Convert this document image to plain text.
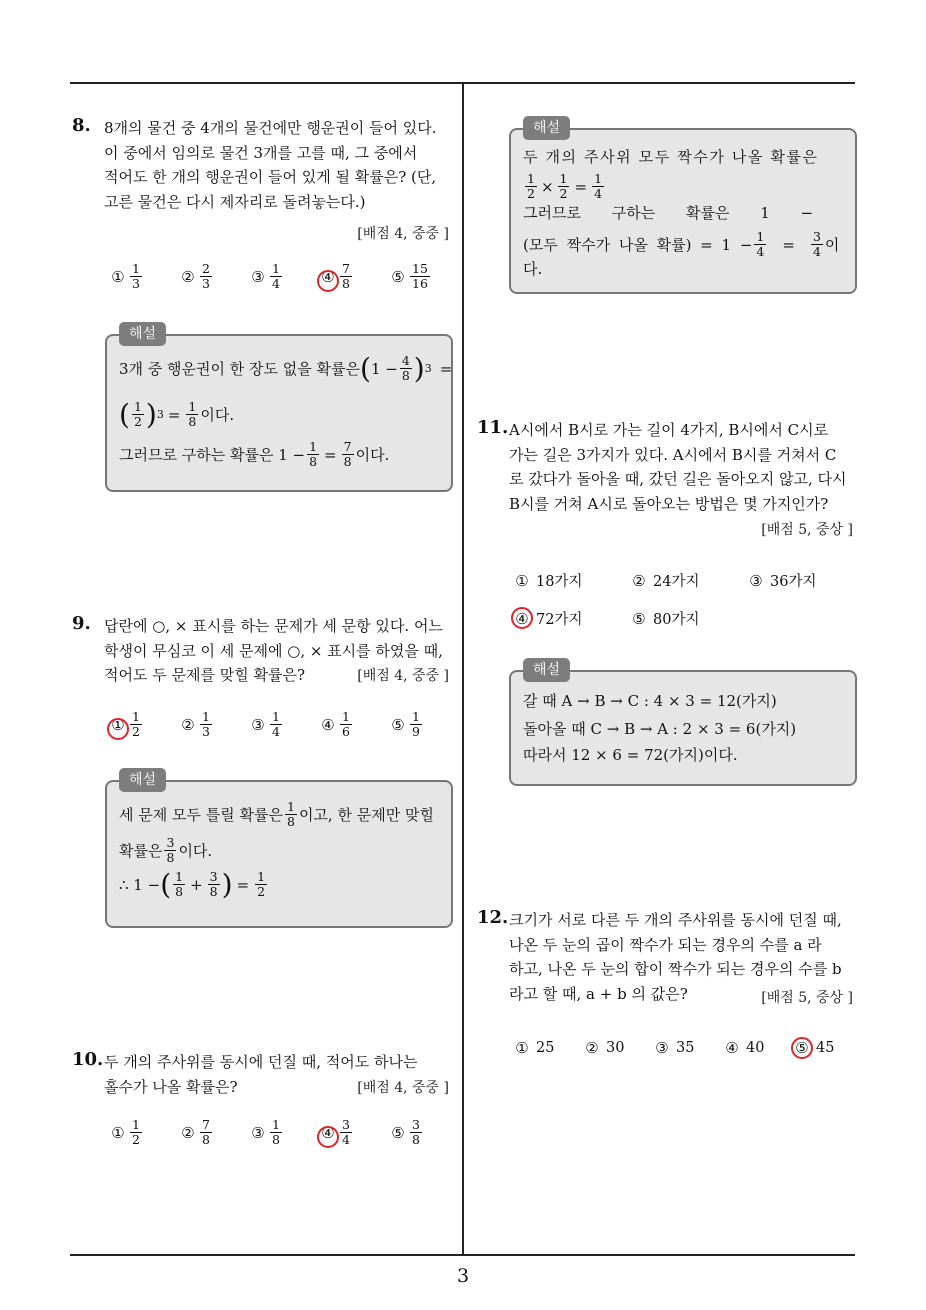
3
8. 8개의 물건 중 4개의 물건에만 행운권이 들어 있다.
이 중에서 임의로 물건 3개를 고를 때, 그 중에서
적어도 한 개의 행운권이 들어 있게 될 확률은? (단,
고른 물건은 다시 제자리로 돌려놓는다.)
[배점 4, 중중 ]
① $\frac{1}{3}$	② $\frac{2}{3}$	③ $\frac{1}{4}$	④ $\frac{7}{8}$	⑤ $\frac{15}{16}$
해설
3개 중 행운권이 한 장도 없을 확률은 ( $1 - \frac{4}{8}$ ) 3 =
( $\frac{1}{2}$ ) $3 = \frac{1}{8}$ 이다.
그러므로 구하는 확률은 $1 - \frac{1}{8} = \frac{7}{8}$ 이다.
9. 답란에 ○, × 표시를 하는 문제가 세 문항 있다. 어느
학생이 무심코 이 세 문제에 ○, × 표시를 하였을 때,
적어도 두 문제를 맞힐 확률은?	[배점 4, 중중 ]
① $\frac{1}{2}$	② $\frac{1}{3}$	③ $\frac{1}{4}$	④ $\frac{1}{6}$	⑤ $\frac{1}{9}$
해설
세 문제 모두 틀릴 확률은 $\frac{1}{8}$ 이고, 한 문제만 맞힐
확률은 $\frac{3}{8}$ 이다.
∴ 1 − ( $\frac{1}{8} + \frac{3}{8}$ ) = $\frac{1}{2}$
10. 두 개의 주사위를 동시에 던질 때, 적어도 하나는
홀수가 나올 확률은?	[배점 4, 중중 ]
① $\frac{1}{2}$	② $\frac{7}{8}$	③ $\frac{1}{8}$	④ $\frac{3}{4}$	⑤ $\frac{3}{8}$
해설
두 개의 주사위 모두 짝수가 나올 확률은
$\frac{1}{2} \times \frac{1}{2} = \frac{1}{4}$
그러므로 구하는 확률은 1 −
(모두 짝수가 나올 확률) = $1 - \frac{1}{4} = \frac{3}{4}$ 이
다.
11. A시에서 B시로 가는 길이 4가지, B시에서 C시로
가는 길은 3가지가 있다. A시에서 B시를 거쳐서 C
로 갔다가 돌아올 때, 갔던 길은 돌아오지 않고, 다시
B시를 거쳐 A시로 돌아오는 방법은 몇 가지인가?
[배점 5, 중상 ]
① 18가지	② 24가지	③ 36가지
④ 72가지	⑤ 80가지
해설
갈 때 A → B → C : 4 × 3 = 12(가지)
돌아올 때 C → B → A : 2 × 3 = 6(가지)
따라서 12 × 6 = 72(가지)이다.
12. 크기가 서로 다른 두 개의 주사위를 동시에 던질 때,
나온 두 눈의 곱이 짝수가 되는 경우의 수를 a 라
하고, 나온 두 눈의 합이 짝수가 되는 경우의 수를 b
라고 할 때, a + b 의 값은?	[배점 5, 중상 ]
① 25 ② 30 ③ 35 ④ 40 ⑤ 45
